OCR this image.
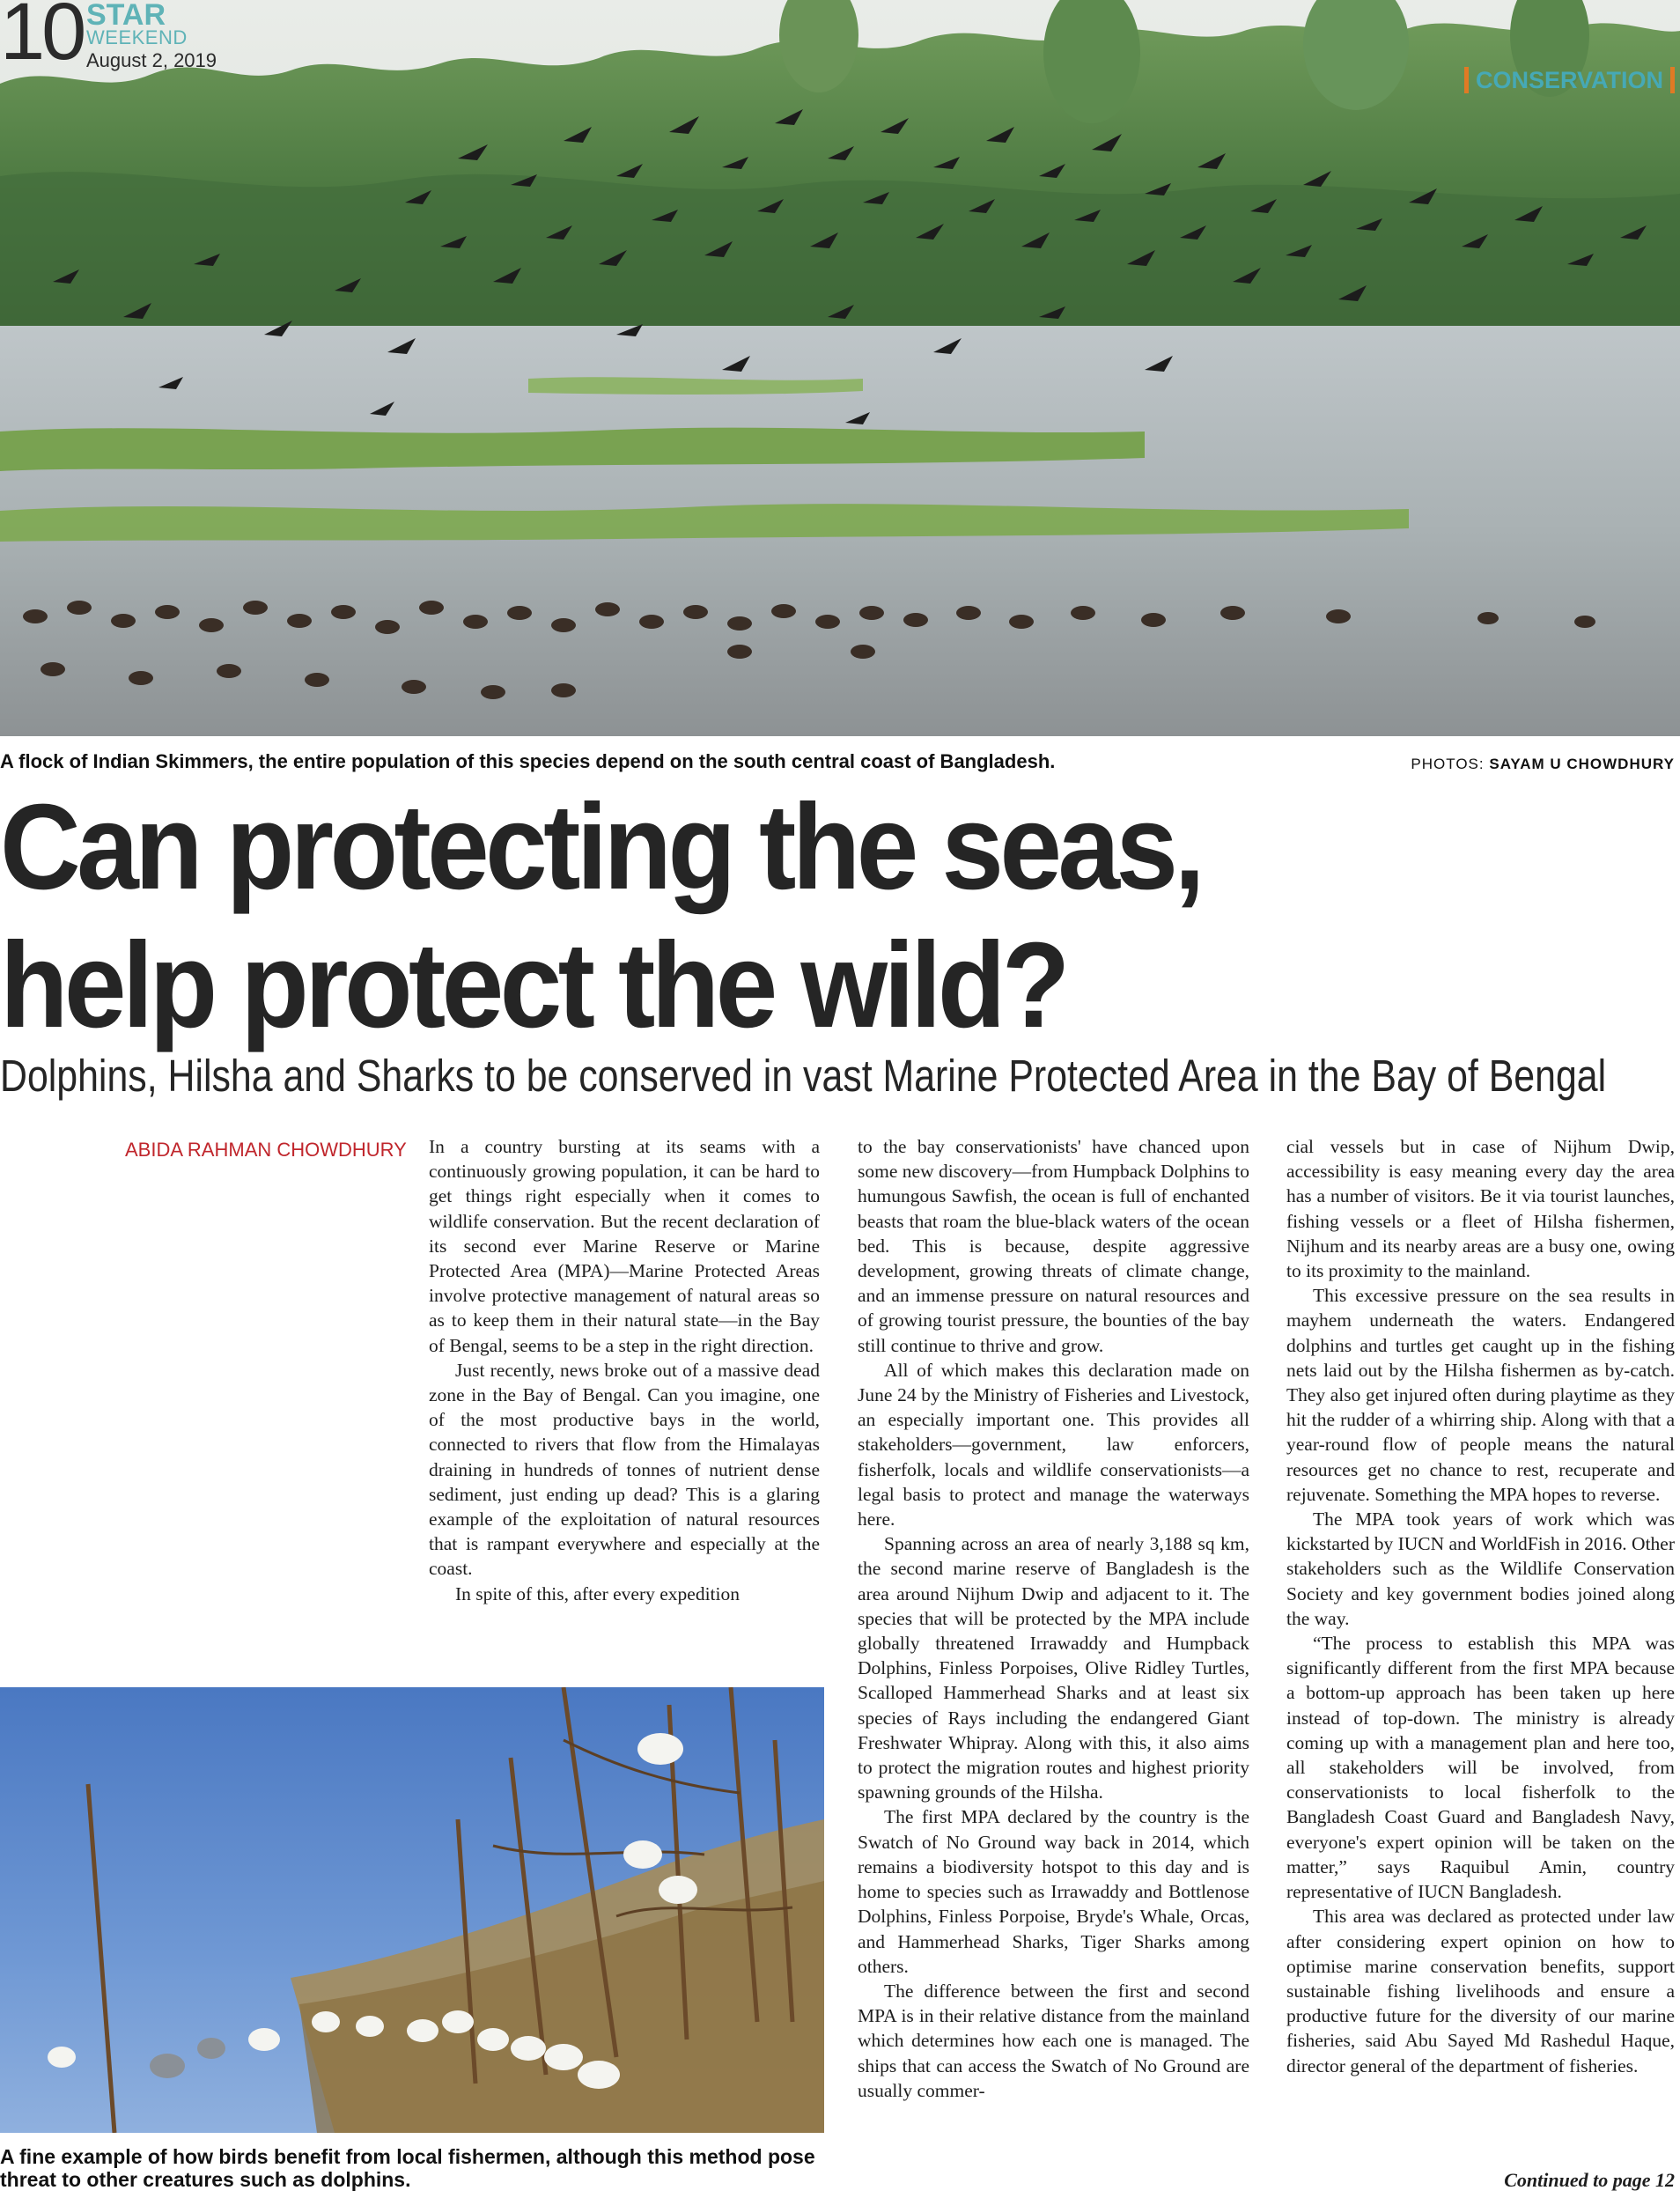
10 STAR
WEEKEND
August 2, 2019
CONSERVATION
A flock of Indian Skimmers, the entire population of this species depend on the south central coast of Bangladesh.	PHOTOS: SAYAM U CHOWDHURY
Can protecting the seas, help protect the wild?
Dolphins, Hilsha and Sharks to be conserved in vast Marine Protected Area in the Bay of Bengal
ABIDA RAHMAN CHOWDHURY In a country bursting at its seams with a continuously growing population, it can be hard to get things right especially when it comes to wildlife conservation. But the recent declaration of its second ever Marine Reserve or Marine Protected Area (MPA)—Marine Protected Areas involve protective management of natural areas so as to keep them in their natural state—in the Bay of Bengal, seems to be a step in the right direction.

Just recently, news broke out of a massive dead zone in the Bay of Bengal. Can you imagine, one of the most productive bays in the world, connected to rivers that flow from the Himalayas draining in hundreds of tonnes of nutrient dense sediment, just ending up dead? This is a glaring example of the exploitation of natural resources that is rampant everywhere and especially at the coast.

In spite of this, after every expedition

to the bay conservationists' have chanced upon some new discovery—from Humpback Dolphins to humungous Sawfish, the ocean is full of enchanted beasts that roam the blue-black waters of the ocean bed. This is because, despite aggressive development, growing threats of climate change, and an immense pressure on natural resources and of growing tourist pressure, the bounties of the bay still continue to thrive and grow.

All of which makes this declaration made on June 24 by the Ministry of Fisheries and Livestock, an especially important one. This provides all stakeholders—government, law enforcers, fisherfolk, locals and wildlife conservationists—a legal basis to protect and manage the waterways here.

Spanning across an area of nearly 3,188 sq km, the second marine reserve of Bangladesh is the area around Nijhum Dwip and adjacent to it. The species that will be protected by the MPA include globally threatened Irrawaddy and Humpback Dolphins, Finless Porpoises, Olive Ridley Turtles, Scalloped Hammerhead Sharks and at least six species of Rays including the endangered Giant Freshwater Whipray. Along with this, it also aims to protect the migration routes and highest priority spawning grounds of the Hilsha.

The first MPA declared by the country is the Swatch of No Ground way back in 2014, which remains a biodiversity hotspot to this day and is home to species such as Irrawaddy and Bottlenose Dolphins, Finless Porpoise, Bryde's Whale, Orcas, and Hammerhead Sharks, Tiger Sharks among others.

The difference between the first and second MPA is in their relative distance from the mainland which determines how each one is managed. The ships that can access the Swatch of No Ground are usually commer-

cial vessels but in case of Nijhum Dwip, accessibility is easy meaning every day the area has a number of visitors. Be it via tourist launches, fishing vessels or a fleet of Hilsha fishermen, Nijhum and its nearby areas are a busy one, owing to its proximity to the mainland.

This excessive pressure on the sea results in mayhem underneath the waters. Endangered dolphins and turtles get caught up in the fishing nets laid out by the Hilsha fishermen as by-catch. They also get injured often during playtime as they hit the rudder of a whirring ship. Along with that a year-round flow of people means the natural resources get no chance to rest, recuperate and rejuvenate. Something the MPA hopes to reverse.

The MPA took years of work which was kickstarted by IUCN and WorldFish in 2016. Other stakeholders such as the Wildlife Conservation Society and key government bodies joined along the way.

“The process to establish this MPA was significantly different from the first MPA because a bottom-up approach has been taken up here instead of top-down. The ministry is already coming up with a management plan and here too, all stakeholders will be involved, from conservationists to local fisherfolk to the Bangladesh Coast Guard and Bangladesh Navy, everyone's expert opinion will be taken on the matter,” says Raquibul Amin, country representative of IUCN Bangladesh.

This area was declared as protected under law after considering expert opinion on how to optimise marine conservation benefits, support sustainable fishing livelihoods and ensure a productive future for the diversity of our marine fisheries, said Abu Sayed Md Rashedul Haque, director general of the department of fisheries.

A fine example of how birds benefit from local fishermen, although this method pose threat to other creatures such as dolphins.	Continued to page 12
